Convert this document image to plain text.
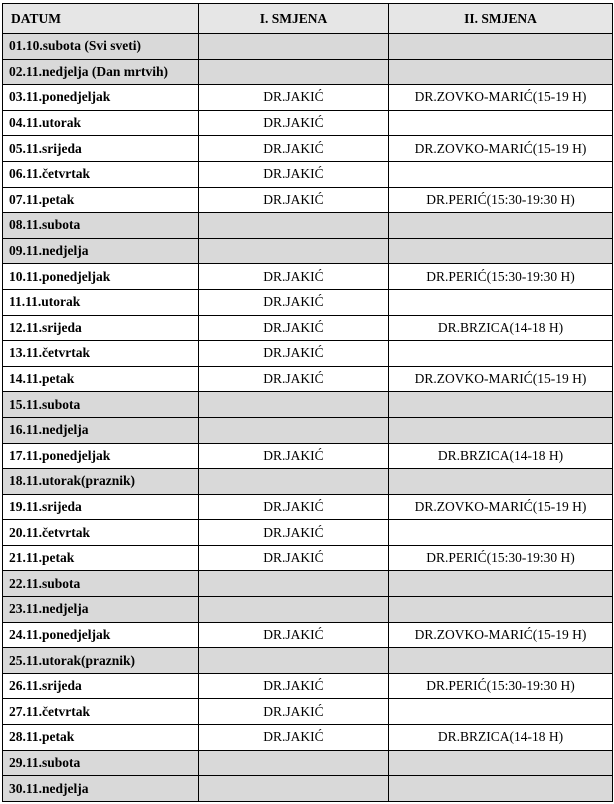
DATUM	I. SMJENA	II. SMJENA
01.10.subota (Svi sveti)		
02.11.nedjelja (Dan mrtvih)		
03.11.ponedjeljak	DR.JAKIĆ	DR.ZOVKO-MARIĆ(15-19 H)
04.11.utorak	DR.JAKIĆ	
05.11.srijeda	DR.JAKIĆ	DR.ZOVKO-MARIĆ(15-19 H)
06.11.četvrtak	DR.JAKIĆ	
07.11.petak	DR.JAKIĆ	DR.PERIĆ(15:30-19:30 H)
08.11.subota		
09.11.nedjelja		
10.11.ponedjeljak	DR.JAKIĆ	DR.PERIĆ(15:30-19:30 H)
11.11.utorak	DR.JAKIĆ	
12.11.srijeda	DR.JAKIĆ	DR.BRZICA(14-18 H)
13.11.četvrtak	DR.JAKIĆ	
14.11.petak	DR.JAKIĆ	DR.ZOVKO-MARIĆ(15-19 H)
15.11.subota		
16.11.nedjelja		
17.11.ponedjeljak	DR.JAKIĆ	DR.BRZICA(14-18 H)
18.11.utorak(praznik)		
19.11.srijeda	DR.JAKIĆ	DR.ZOVKO-MARIĆ(15-19 H)
20.11.četvrtak	DR.JAKIĆ	
21.11.petak	DR.JAKIĆ	DR.PERIĆ(15:30-19:30 H)
22.11.subota		
23.11.nedjelja		
24.11.ponedjeljak	DR.JAKIĆ	DR.ZOVKO-MARIĆ(15-19 H)
25.11.utorak(praznik)		
26.11.srijeda	DR.JAKIĆ	DR.PERIĆ(15:30-19:30 H)
27.11.četvrtak	DR.JAKIĆ	
28.11.petak	DR.JAKIĆ	DR.BRZICA(14-18 H)
29.11.subota		
30.11.nedjelja		
